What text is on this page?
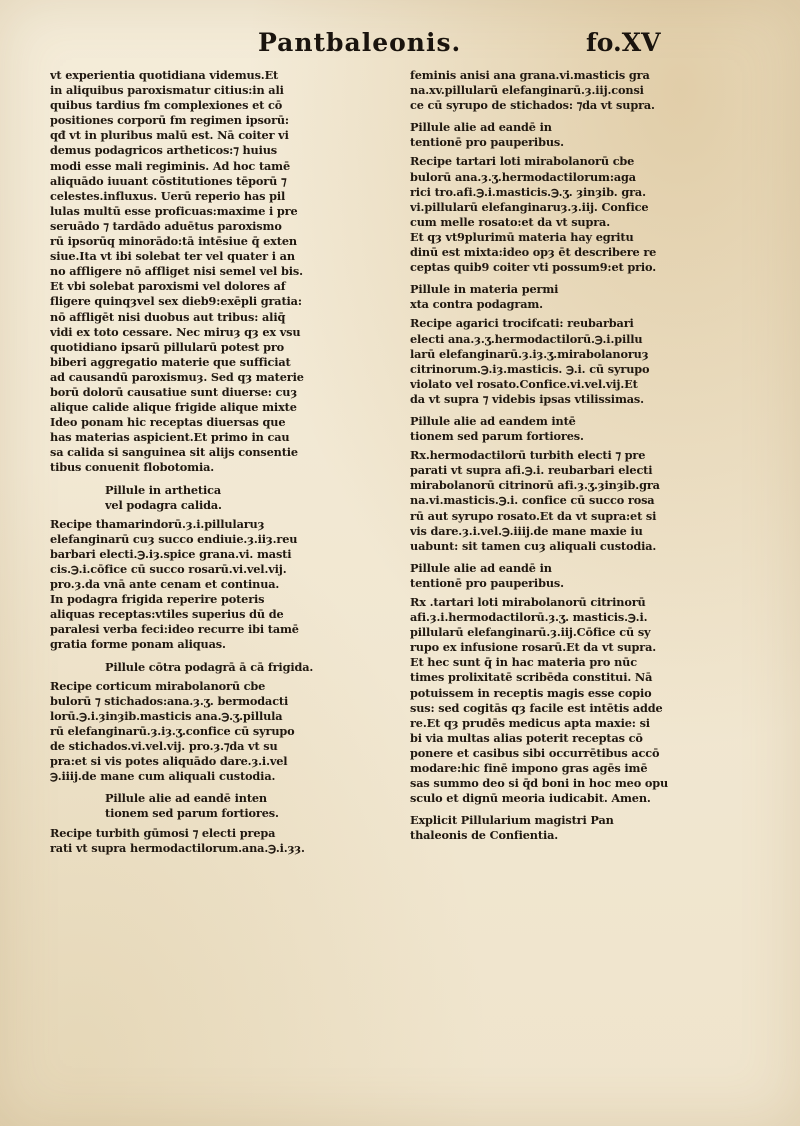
Pantbaleonis.	fo.XV
vt experientia quotidiana videmus.Et
in aliquibus paroxismatur citius:in ali
quibus tardius fm complexiones et cō
positiones corporū fm regimen ipsorū:
qđ vt in pluribus malū est. Nā coiter vi
demus podagricos artheticos:⁊ huius
modi esse mali regiminis. Ad hoc tamē
aliquādo iuuant cōstitutiones tēporū ⁊
celestes.influxus. Uerū reperio has pil
lulas multū esse proficuas:maxime i pre
seruādo ⁊ tardādo aduētus paroxismo
rū ipsorūq minorādo:tā intēsiue q̄ exten
siue.Ita vt ibi solebat ter vel quater i an
no affligere nō affliget nisi semel vel bis.
Et vbi solebat paroxismi vel dolores af
fligere quinqȝvel sex dieb9:exēpli gratia:
nō affligēt nisi duobus aut tribus: aliq̄
vidi ex toto cessare. Nec miruȝ qȝ ex vsu
quotidiano ipsarū pillularū potest pro
biberi aggregatio materie que sufficiat
ad causandū paroxismuȝ. Sed qȝ materie
borū dolorū causatiue sunt diuerse: cuȝ
alique calide alique frigide alique mixte
Ideo ponam hic receptas diuersas que
has materias aspicient.Et primo in cau
sa calida si sanguinea sit alijs consentie
tibus conuenit flobotomia.
Pillule in arthetica
vel podagra calida.
Recipe thamarindorū.ȝ.i.pillularuȝ
elefanginarū cuȝ succo endiuie.ȝ.iiȝ.reu
barbari electi.℈.iȝ.spice grana.vi. masti
cis.℈.i.cōfice cū succo rosarū.vi.vel.vij.
pro.ȝ.da vnā ante cenam et continua.
In podagra frigida reperire poteris
aliquas receptas:vtiles superius dū de
paralesi verba feci:ideo recurre ibi tamē
gratia forme ponam aliquas.
Pillule cōtra podagrā ā cā frigida.
Recipe corticum mirabolanorū cbe
bulorū ⁊ stichados:ana.ȝ.ʒ. bermodacti
lorū.℈.i.ȝinȝib.masticis ana.℈.ʒ.pillula
rū elefanginarū.ȝ.iȝ.ʒ.confice cū syrupo
de stichados.vi.vel.vij. pro.ȝ.⁊da vt su
pra:et si vis potes aliquādo dare.ȝ.i.vel
℈.iiij.de mane cum aliquali custodia.
Pillule alie ad eandē inten
tionem sed parum fortiores.
Recipe turbith gūmosi ⁊ electi prepa
rati vt supra hermodactilorum.ana.℈.i.ȝȝ.
feminis anisi ana grana.vi.masticis gra
na.xv.pillularū elefanginarū.ȝ.iij.consi
ce cū syrupo de stichados: ⁊da vt supra.
Pillule alie ad eandē in
tentionē pro pauperibus.
Recipe tartari loti mirabolanorū cbe
bulorū ana.ȝ.ʒ.hermodactilorum:aga
rici tro.afi.℈.i.masticis.℈.ʒ. ȝinȝib. gra.
vi.pillularū elefanginaruȝ.ȝ.iij. Confice
cum melle rosato:et da vt supra.
Et qȝ vt9plurimū materia hay egritu
dinū est mixta:ideo opȝ ēt describere re
ceptas quib9 coiter vti possum9:et prio.
Pillule in materia permi
xta contra podagram.
Recipe agarici trocifcati: reubarbari
electi ana.ȝ.ʒ.hermodactilorū.℈.i.pillu
larū elefanginarū.ȝ.iȝ.ʒ.mirabolanoruȝ
citrinorum.℈.iȝ.masticis. ℈.i. cū syrupo
violato vel rosato.Confice.vi.vel.vij.Et
da vt supra ⁊ videbis ipsas vtilissimas.
Pillule alie ad eandem intē
tionem sed parum fortiores.
Rx.hermodactilorū turbith electi ⁊ pre
parati vt supra afi.℈.i. reubarbari electi
mirabolanorū citrinorū afi.ȝ.ʒ.ȝinȝib.gra
na.vi.masticis.℈.i. confice cū succo rosa
rū aut syrupo rosato.Et da vt supra:et si
vis dare.ȝ.i.vel.℈.iiij.de mane maxie iu
uabunt: sit tamen cuȝ aliquali custodia.
Pillule alie ad eandē in
tentionē pro pauperibus.
Rx .tartari loti mirabolanorū citrinorū
afi.ȝ.i.hermodactilorū.ȝ.ʒ. masticis.℈.i.
pillularū elefanginarū.ȝ.iij.Cōfice cū sy
rupo ex infusione rosarū.Et da vt supra.
Et hec sunt q̄ in hac materia pro nūc
times prolixitatē scribēda constitui. Nā
potuissem in receptis magis esse copio
sus: sed cogitās qȝ facile est intētis adde
re.Et qȝ prudēs medicus apta maxie: si
bi via multas alias poterit receptas cō
ponere et casibus sibi occurrētibus accō
modare:hic finē impono gras agēs imē
sas summo deo si q̄d boni in hoc meo opu
sculo et dignū meoria iudicabit. Amen.
Explicit Pillularium magistri Pan
thaleonis de Confientia.
